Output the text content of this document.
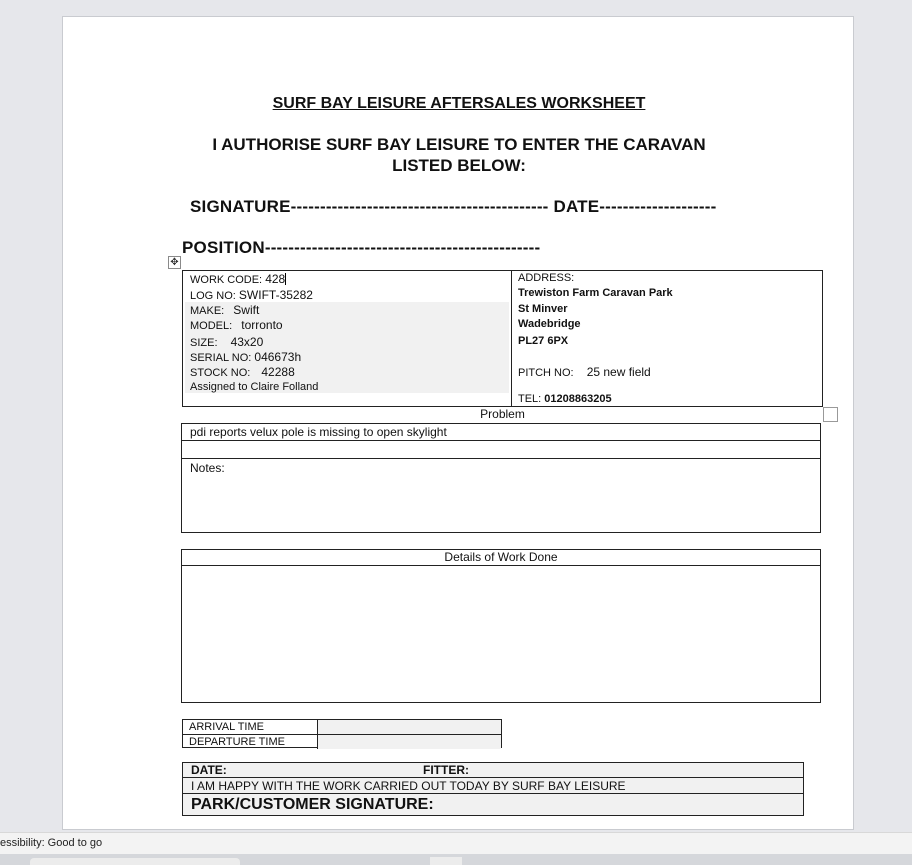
SURF BAY LEISURE AFTERSALES WORKSHEET
I AUTHORISE SURF BAY LEISURE TO ENTER THE CARAVAN
LISTED BELOW:
SIGNATURE-------------------------------------------- DATE--------------------
POSITION-----------------------------------------------
✥
WORK CODE: 428
LOG NO: SWIFT-35282
MAKE: Swift
MODEL: torronto
SIZE: 43x20
SERIAL NO: 046673h
STOCK NO: 42288
Assigned to Claire Folland
ADDRESS:
Trewiston Farm Caravan Park
St Minver
Wadebridge
PL27 6PX
PITCH NO: 25 new field
TEL: 01208863205
Problem
pdi reports velux pole is missing to open skylight
Notes:
Details of Work Done
ARRIVAL TIME
DEPARTURE TIME
DATE:	FITTER:
I AM HAPPY WITH THE WORK CARRIED OUT TODAY BY SURF BAY LEISURE
PARK/CUSTOMER SIGNATURE:
essibility: Good to go
